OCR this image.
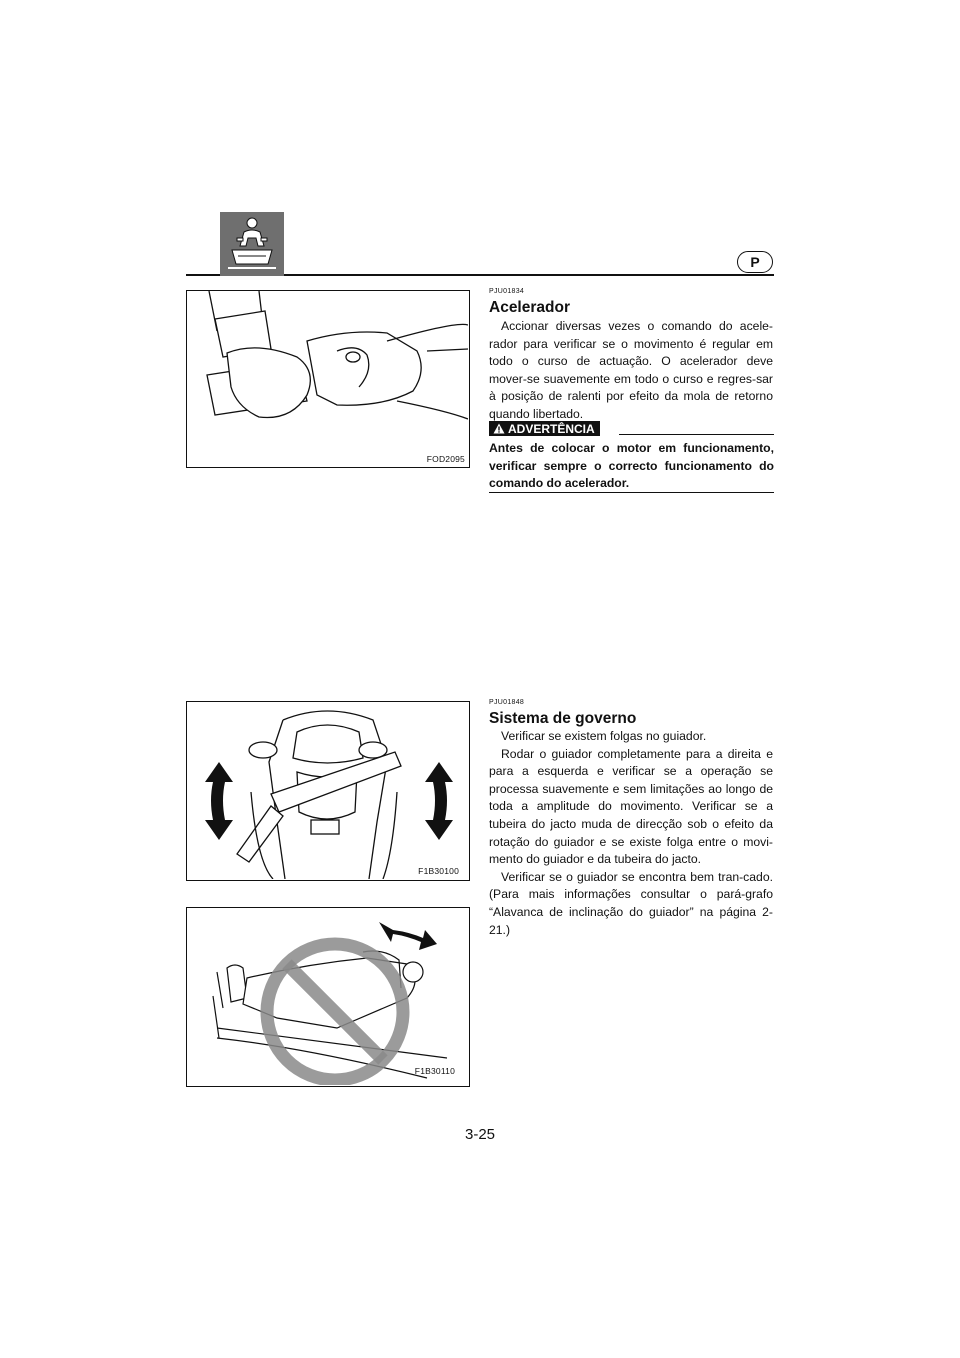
P
FOD2095
PJU01834
Acelerador

Accionar diversas vezes o comando do acele-rador para verificar se o movimento é regular em todo o curso de actuação. O acelerador deve mover-se suavemente em todo o curso e regres-sar à posição de ralenti por efeito da mola de retorno quando libertado.

ADVERTÊNCIA
Antes de colocar o motor em funcionamento, verificar sempre o correcto funcionamento do comando do acelerador.
F1B30100
PJU01848
Sistema de governo

Verificar se existem folgas no guiador.

Rodar o guiador completamente para a direita e para a esquerda e verificar se a operação se processa suavemente e sem limitações ao longo de toda a amplitude do movimento. Verificar se a tubeira do jacto muda de direcção sob o efeito da rotação do guiador e se existe folga entre o movi-mento do guiador e da tubeira do jacto.

Verificar se o guiador se encontra bem tran-cado. (Para mais informações consultar o pará-grafo “Alavanca de inclinação do guiador” na página 2-21.)

F1B30110
3-25
